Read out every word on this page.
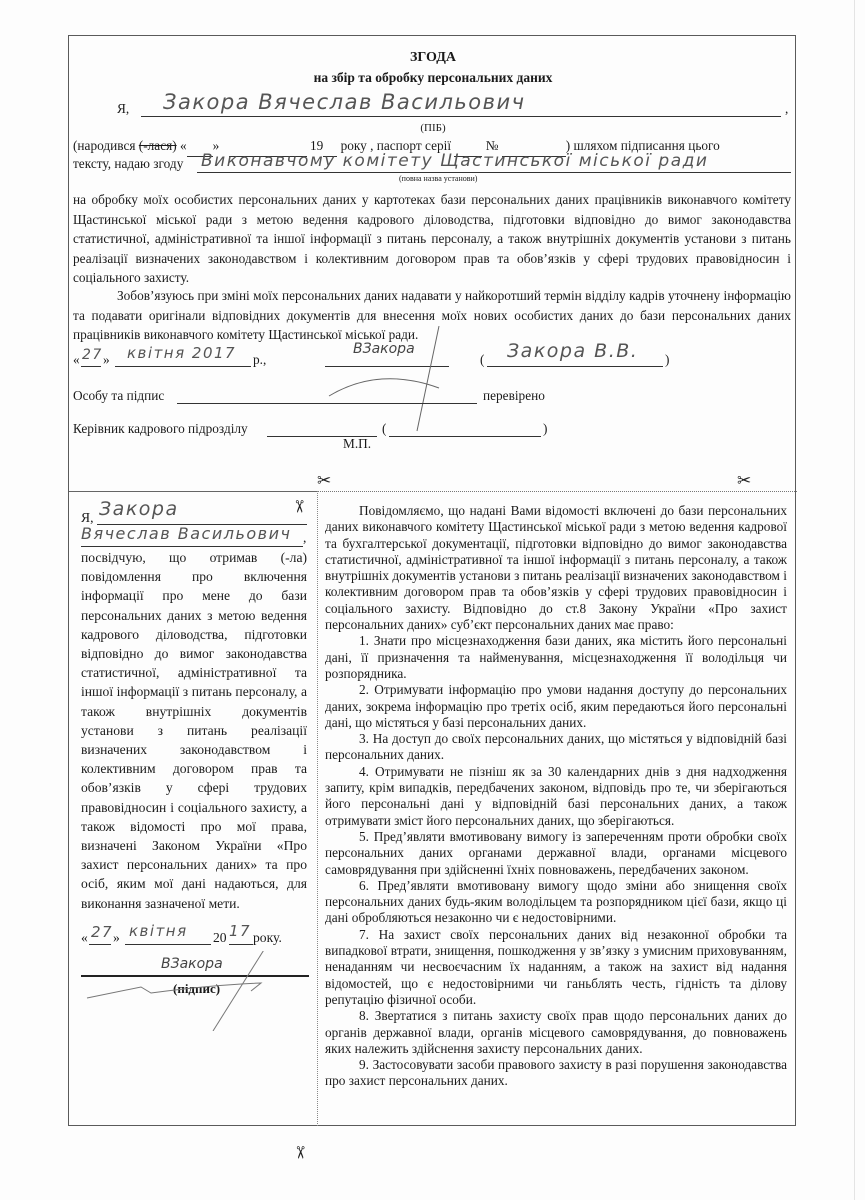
ЗГОДА
на збір та обробку персональних даних
Я, Закора Вячеслав Васильович	,
(ПІБ)
(народився (-лася) « »	19 року , паспорт серії	№	) шляхом підписання цього
тексту, надаю згоду Виконавчому комітету Щастинської міської ради
(повна назва установи)

на обробку моїх особистих персональних даних у картотеках бази персональних даних працівників виконавчого комітету Щастинської міської ради з метою ведення кадрового діловодства, підготовки відповідно до вимог законодавства статистичної, адміністративної та іншої інформації з питань персоналу, а також внутрішніх документів установи з питань реалізації визначених законодавством і колективним договором прав та обов’язків у сфері трудових правовідносин і соціального захисту.

Зобов’язуюсь при зміні моїх персональних даних надавати у найкоротший термін відділу кадрів уточнену інформацію та подавати оригінали відповідних документів для внесення моїх нових особистих даних до бази персональних даних працівників виконавчого комітету Щастинської міської ради.

« 27 » квітня 2017 р.,
ВЗакора
( Закора В.В. )
Особу та підпис	перевірено
Керівник кадрового підрозділу	(	)
М.П.
✂	✂
✂
Я, Закора
Вячеслав Васильович ,

посвідчую, що отримав (-ла) повідомлення про включення інформації про мене до бази персональних даних з метою ведення кадрового діловодства, підготовки відповідно до вимог законодавства статистичної, адміністративної та іншої інформації з питань персоналу, а також внутрішніх документів установи з питань реалізації визначених законодавством і колективним договором прав та обов’язків у сфері трудових правовідносин і соціального захисту, а також відомості про мої права, визначені Законом України «Про захист персональних даних» та про осіб, яким мої дані надаються, для виконання зазначеної мети.

« 27 » квітня 20 17 року.
ВЗакора
(підпис)

Повідомляємо, що надані Вами відомості включені до бази персональних даних виконавчого комітету Щастинської міської ради з метою ведення кадрової та бухгалтерської документації, підготовки відповідно до вимог законодавства статистичної, адміністративної та іншої інформації з питань персоналу, а також внутрішніх документів установи з питань реалізації визначених законодавством і колективним договором прав та обов’язків у сфері трудових правовідносин і соціального захисту. Відповідно до ст.8 Закону України «Про захист персональних даних» суб’єкт персональних даних має право:

1. Знати про місцезнаходження бази даних, яка містить його персональні дані, її призначення та найменування, місцезнаходження її володільця чи розпорядника.

2. Отримувати інформацію про умови надання доступу до персональних даних, зокрема інформацію про третіх осіб, яким передаються його персональні дані, що містяться у базі персональних даних.

3. На доступ до своїх персональних даних, що містяться у відповідній базі персональних даних.

4. Отримувати не пізніш як за 30 календарних днів з дня надходження запиту, крім випадків, передбачених законом, відповідь про те, чи зберігаються його персональні дані у відповідній базі персональних даних, а також отримувати зміст його персональних даних, що зберігаються.

5. Пред’являти вмотивовану вимогу із запереченням проти обробки своїх персональних даних органами державної влади, органами місцевого самоврядування при здійсненні їхніх повноважень, передбачених законом.

6. Пред’являти вмотивовану вимогу щодо зміни або знищення своїх персональних даних будь-яким володільцем та розпорядником цієї бази, якщо ці дані обробляються незаконно чи є недостовірними.

7. На захист своїх персональних даних від незаконної обробки та випадкової втрати, знищення, пошкодження у зв’язку з умисним приховуванням, ненаданням чи несвоєчасним їх наданням, а також на захист від надання відомостей, що є недостовірними чи ганьблять честь, гідність та ділову репутацію фізичної особи.

8. Звертатися з питань захисту своїх прав щодо персональних даних до органів державної влади, органів місцевого самоврядування, до повноважень яких належить здійснення захисту персональних даних.

9. Застосовувати засоби правового захисту в разі порушення законодавства про захист персональних даних.

✂
